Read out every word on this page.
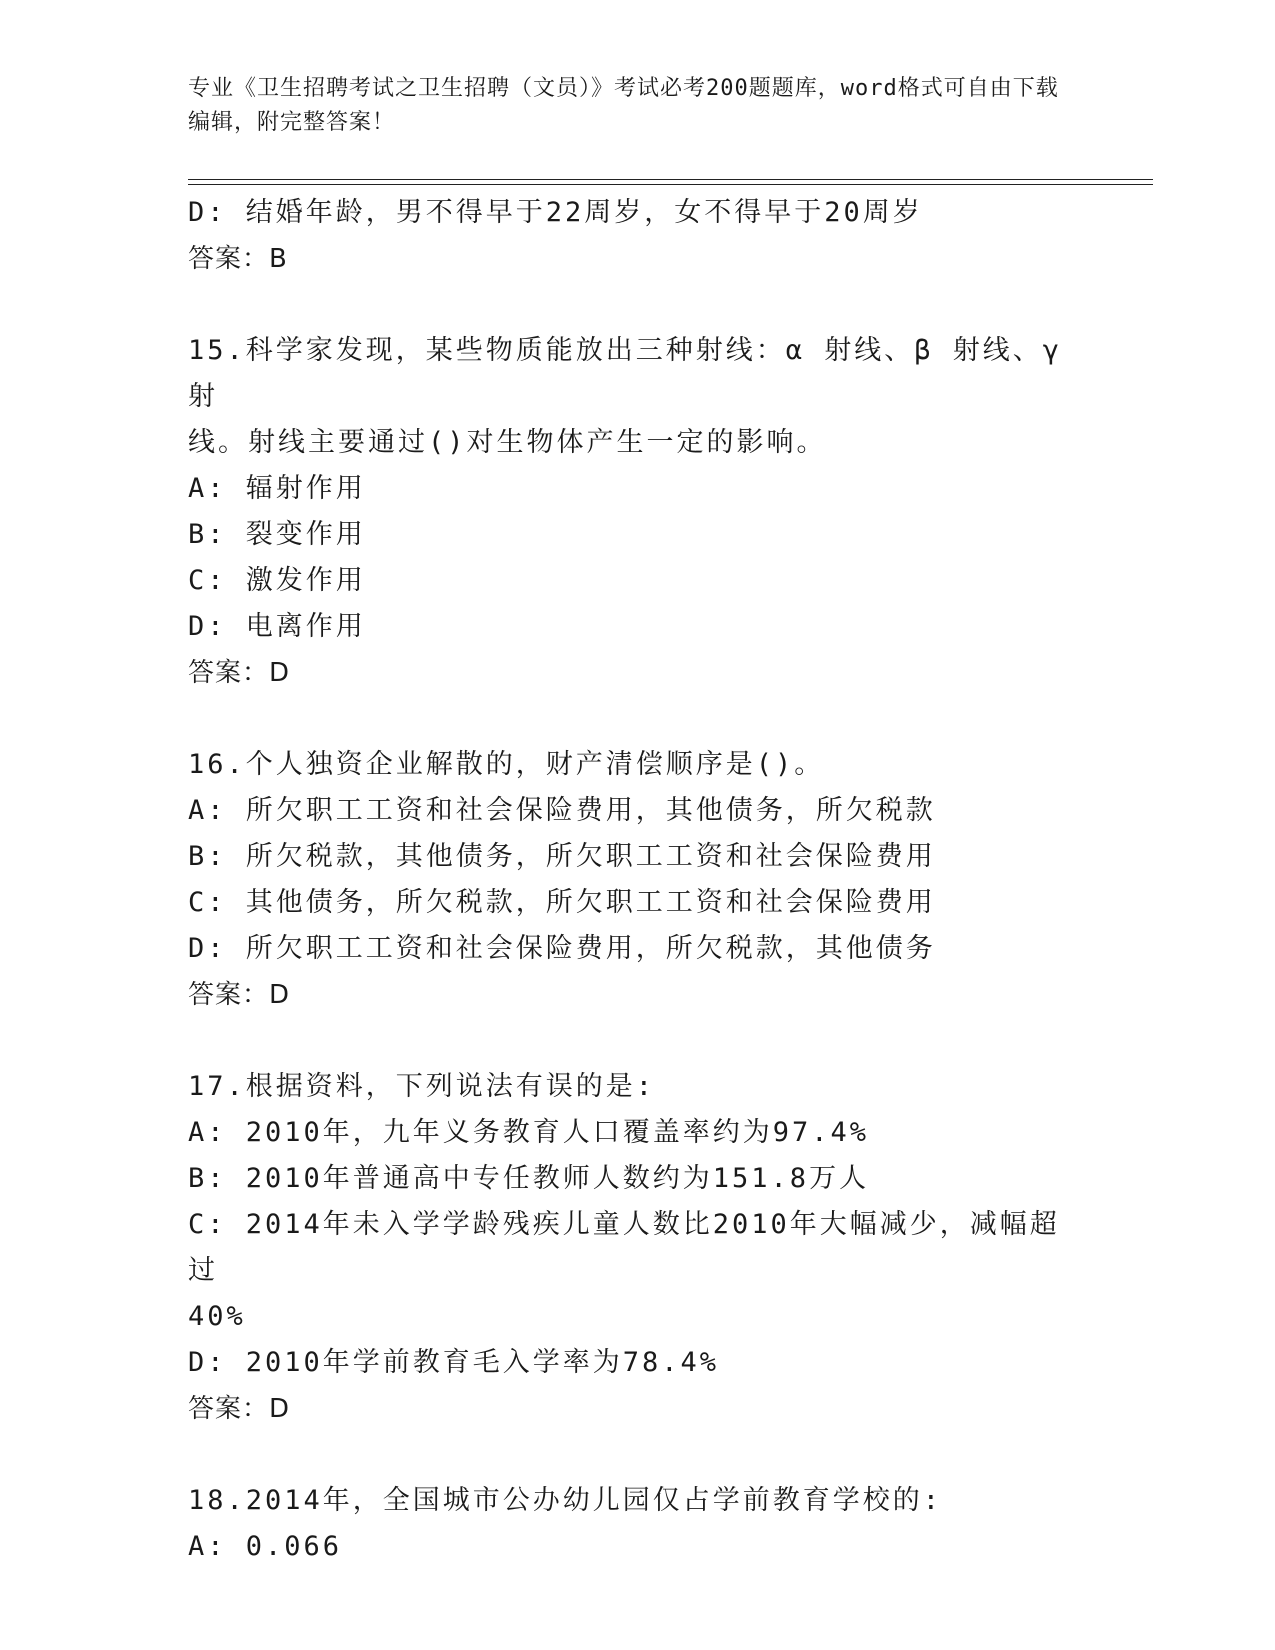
专业《卫生招聘考试之卫生招聘（文员）》考试必考200题题库，word格式可自由下载编辑，附完整答案！
D: 结婚年龄，男不得早于22周岁，女不得早于20周岁
答案：B
15.科学家发现，某些物质能放出三种射线：α 射线、β 射线、γ 射
线。射线主要通过()对生物体产生一定的影响。
A: 辐射作用
B: 裂变作用
C: 激发作用
D: 电离作用
答案：D
16.个人独资企业解散的，财产清偿顺序是()。
A: 所欠职工工资和社会保险费用，其他债务，所欠税款
B: 所欠税款，其他债务，所欠职工工资和社会保险费用
C: 其他债务，所欠税款，所欠职工工资和社会保险费用
D: 所欠职工工资和社会保险费用，所欠税款，其他债务
答案：D
17.根据资料，下列说法有误的是:
A: 2010年，九年义务教育人口覆盖率约为97.4%
B: 2010年普通高中专任教师人数约为151.8万人
C: 2014年未入学学龄残疾儿童人数比2010年大幅减少，减幅超过
40%
D: 2010年学前教育毛入学率为78.4%
答案：D
18.2014年，全国城市公办幼儿园仅占学前教育学校的:
A: 0.066
